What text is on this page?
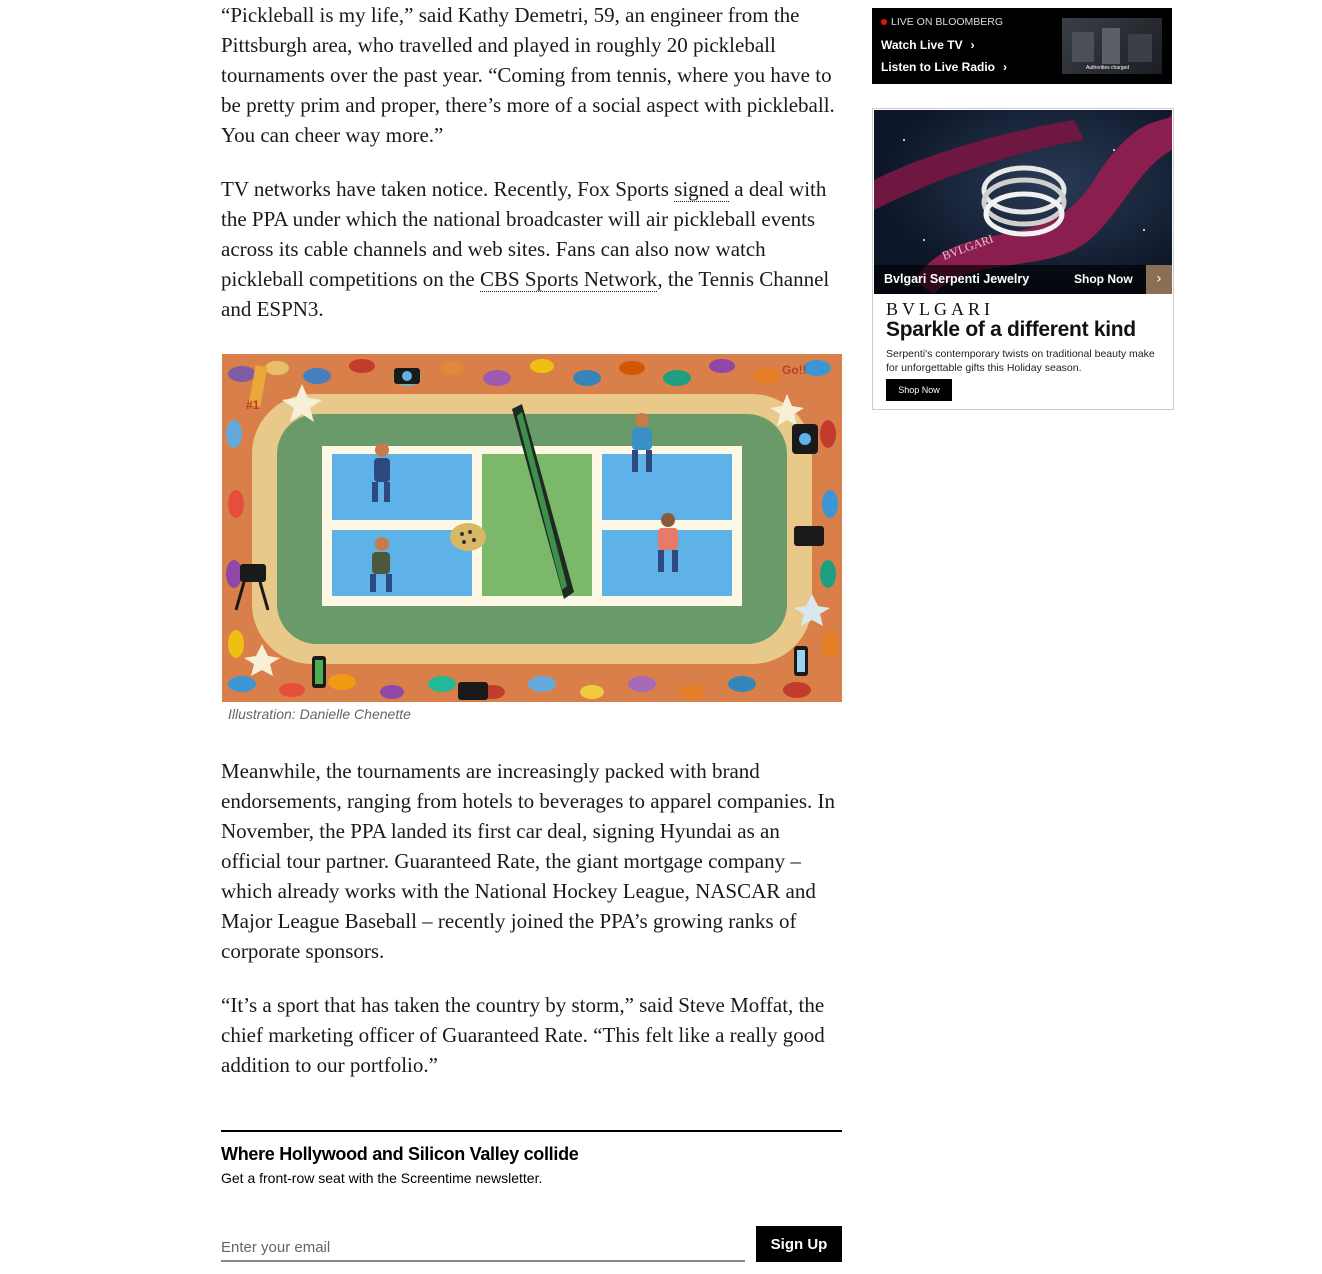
“Pickleball is my life,” said Kathy Demetri, 59, an engineer from the Pittsburgh area, who travelled and played in roughly 20 pickleball tournaments over the past year. “Coming from tennis, where you have to be pretty prim and proper, there’s more of a social aspect with pickleball. You can cheer way more.”

TV networks have taken notice. Recently, Fox Sports signed a deal with the PPA under which the national broadcaster will air pickleball events across its cable channels and web sites. Fans can also now watch pickleball competitions on the CBS Sports Network, the Tennis Channel and ESPN3.

#1
Go!!
Illustration: Danielle Chenette

Meanwhile, the tournaments are increasingly packed with brand endorsements, ranging from hotels to beverages to apparel companies. In November, the PPA landed its first car deal, signing Hyundai as an official tour partner. Guaranteed Rate, the giant mortgage company – which already works with the National Hockey League, NASCAR and Major League Baseball – recently joined the PPA’s growing ranks of corporate sponsors.

“It’s a sport that has taken the country by storm,” said Steve Moffat, the chief marketing officer of Guaranteed Rate. “This felt like a really good addition to our portfolio.”

Where Hollywood and Silicon Valley collide
Get a front-row seat with the Screentime newsletter.
Enter your email
Sign Up
LIVE ON BLOOMBERG
Watch Live TV ›
Listen to Live Radio ›	Authorities charged
BVLGARI
Bvlgari Serpenti Jewelry	Shop Now	›
BVLGARI
Sparkle of a different kind
Serpenti's contemporary twists on traditional beauty make for unforgettable gifts this Holiday season.
Shop Now
